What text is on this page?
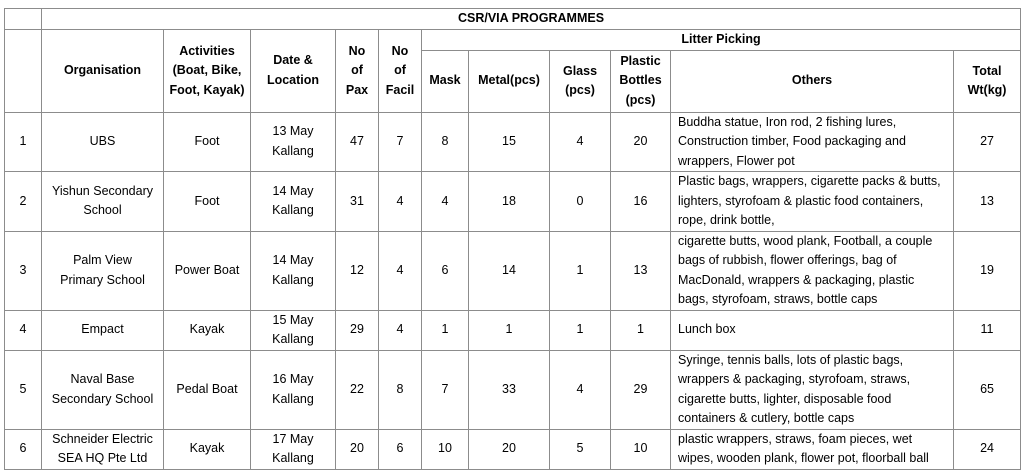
	CSR/VIA PROGRAMMES										
	Organisation	Activities
(Boat, Bike,
Foot, Kayak)	Date &
Location	No
of
Pax	No
of
Facil	Litter Picking					
						Mask	Metal(pcs)	Glass
(pcs)	Plastic
Bottles
(pcs)	Others	Total
Wt(kg)
1	UBS	Foot	13 May
Kallang	47	7	8	15	4	20	Buddha statue, Iron rod, 2 fishing lures,
Construction timber, Food packaging and
wrappers, Flower pot	27
2	Yishun Secondary
School	Foot	14 May
Kallang	31	4	4	18	0	16	Plastic bags, wrappers, cigarette packs & butts,
lighters, styrofoam & plastic food containers,
rope, drink bottle,	13
3	Palm View
Primary School	Power Boat	14 May
Kallang	12	4	6	14	1	13	cigarette butts, wood plank, Football, a couple
bags of rubbish, flower offerings, bag of
MacDonald, wrappers & packaging, plastic
bags, styrofoam, straws, bottle caps	19
4	Empact	Kayak	15 May
Kallang	29	4	1	1	1	1	Lunch box	11
5	Naval Base
Secondary School	Pedal Boat	16 May
Kallang	22	8	7	33	4	29	Syringe, tennis balls, lots of plastic bags,
wrappers & packaging, styrofoam, straws,
cigarette butts, lighter, disposable food
containers & cutlery, bottle caps	65
6	Schneider Electric
SEA HQ Pte Ltd	Kayak	17 May
Kallang	20	6	10	20	5	10	plastic wrappers, straws, foam pieces, wet
wipes, wooden plank, flower pot, floorball ball	24
